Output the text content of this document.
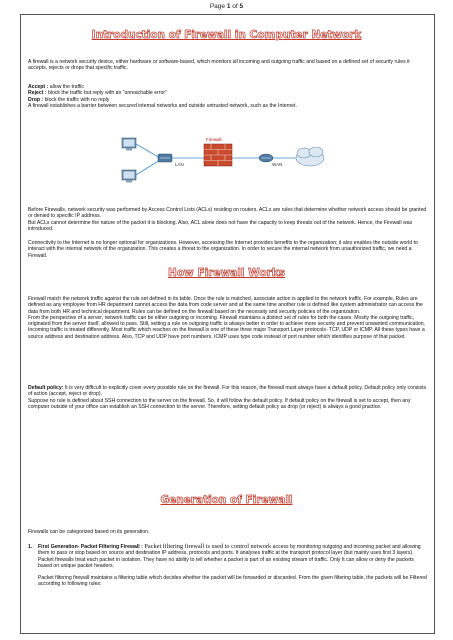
Page 1 of 5
Introduction of Firewall in Computer Network
A firewall is a network security device, either hardware or software-based, which monitors all incoming and outgoing traffic and based on a defined set of security rules it accepts, rejects or drops that specific traffic.
Accept : allow the traffic
Reject : block the traffic but reply with an “unreachable error”
Drop : block the traffic with no reply
A firewall establishes a barrier between secured internal networks and outside untrusted network, such as the Internet.
LAN
Firewall
WAN
Before Firewalls, network security was performed by Access Control Lists (ACLs) residing on routers. ACLs are rules that determine whether network access should be granted or denied to specific IP address.
But ACLs cannot determine the nature of the packet it is blocking. Also, ACL alone does not have the capacity to keep threats out of the network. Hence, the Firewall was introduced.
Connectivity to the Internet is no longer optional for organizations. However, accessing the Internet provides benefits to the organization; it also enables the outside world to interact with the internal network of the organization. This creates a threat to the organization. In order to secure the internal network from unauthorized traffic, we need a Firewall.
How Firewall Works
Firewall match the network traffic against the rule set defined in its table. Once the rule is matched, associate action is applied to the network traffic. For example, Rules are defined as any employee from HR department cannot access the data from code server and at the same time another rule is defined like system administrator can access the data from both HR and technical department. Rules can be defined on the firewall based on the necessity and security policies of the organization.
From the perspective of a server, network traffic can be either outgoing or incoming. Firewall maintains a distinct set of rules for both the cases. Mostly the outgoing traffic, originated from the server itself, allowed to pass. Still, setting a rule on outgoing traffic is always better in order to achieve more security and prevent unwanted communication.
Incoming traffic is treated differently. Most traffic which reaches on the firewall is one of these three major Transport Layer protocols- TCP, UDP or ICMP. All these types have a source address and destination address. Also, TCP and UDP have port numbers. ICMP uses type code instead of port number which identifies purpose of that packet.
Default policy: It is very difficult to explicitly cover every possible rule on the firewall. For this reason, the firewall must always have a default policy. Default policy only consists of action (accept, reject or drop).
Suppose no rule is defined about SSH connection to the server on the firewall. So, it will follow the default policy. If default policy on the firewall is set to accept, then any computer outside of your office can establish an SSH connection to the server. Therefore, setting default policy as drop (or reject) is always a good practice.
Generation of Firewall
Firewalls can be categorized based on its generation.
1. First Generation- Packet Filtering Firewall : Packet filtering firewall is used to control network access by monitoring outgoing and incoming packet and allowing them to pass or stop based on source and destination IP address, protocols and ports. It analyses traffic at the transport protocol layer (but mainly uses first 3 layers).
Packet firewalls treat each packet in isolation. They have no ability to tell whether a packet is part of an existing stream of traffic. Only It can allow or deny the packets based on unique packet headers.
Packet filtering firewall maintains a filtering table which decides whether the packet will be forwarded or discarded. From the given filtering table, the packets will be Filtered according to following rules:
